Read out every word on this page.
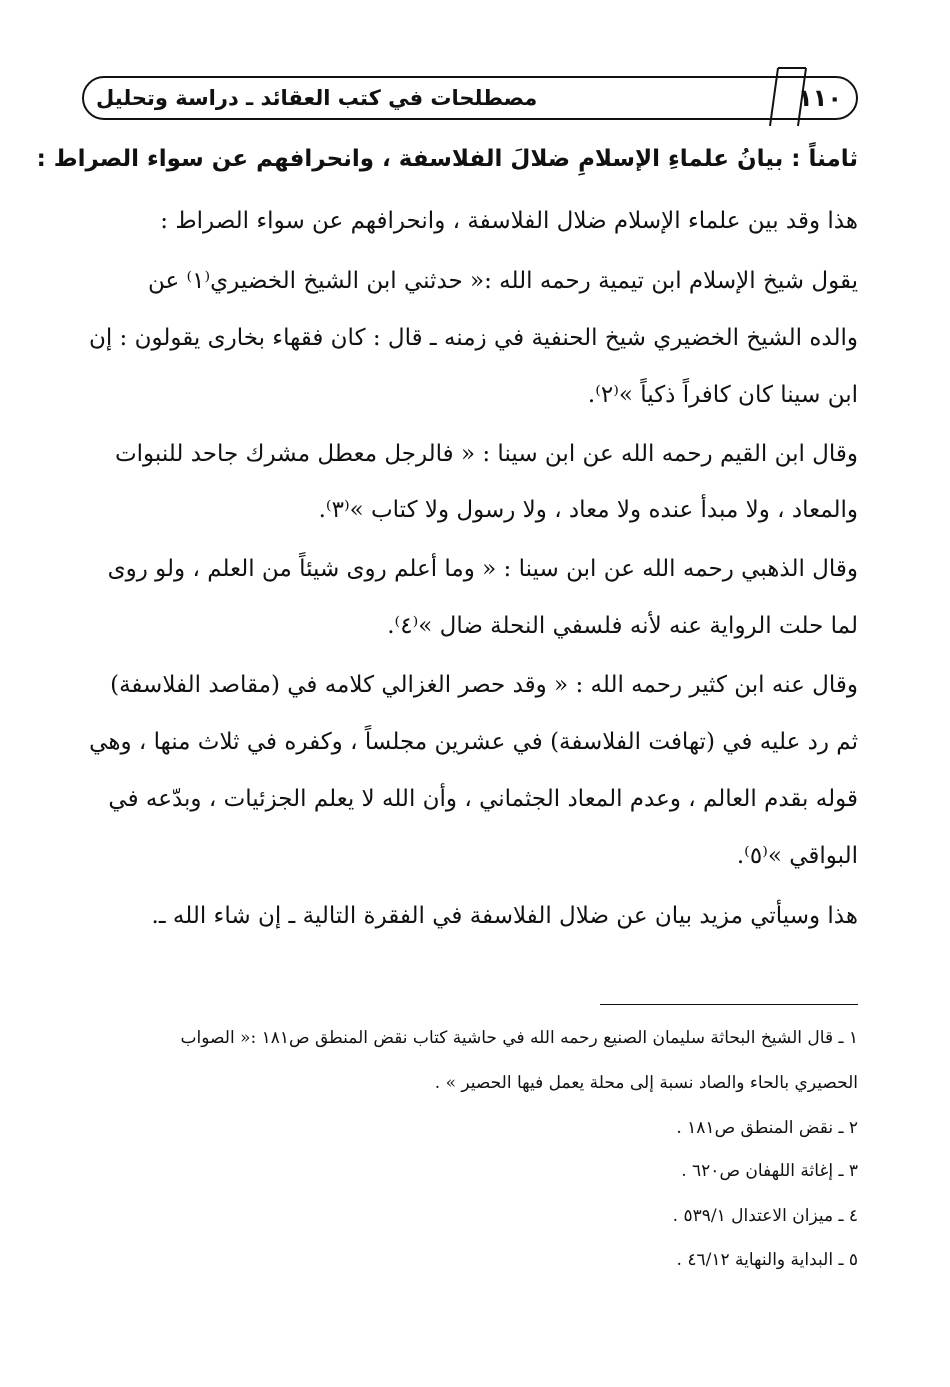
مصطلحات في كتب العقائد ـ دراسة وتحليل	١١٠
ثامناً : بيانُ علماءِ الإسلامِ ضلالَ الفلاسفة ، وانحرافهم عن سواء الصراط :
هذا وقد بين علماء الإسلام ضلال الفلاسفة ، وانحرافهم عن سواء الصراط :
يقول شيخ الإسلام ابن تيمية رحمه الله :« حدثني ابن الشيخ الخضيري⁽١⁾ عن
والده الشيخ الخضيري شيخ الحنفية في زمنه ـ قال : كان فقهاء بخارى يقولون : إن
ابن سينا كان كافراً ذكياً »⁽٢⁾.
وقال ابن القيم رحمه الله عن ابن سينا : « فالرجل معطل مشرك جاحد للنبوات
والمعاد ، ولا مبدأ عنده ولا معاد ، ولا رسول ولا كتاب »⁽٣⁾.
وقال الذهبي رحمه الله عن ابن سينا : « وما أعلم روى شيئاً من العلم ، ولو روى
لما حلت الرواية عنه لأنه فلسفي النحلة ضال »⁽٤⁾.
وقال عنه ابن كثير رحمه الله : « وقد حصر الغزالي كلامه في (مقاصد الفلاسفة)
ثم رد عليه في (تهافت الفلاسفة) في عشرين مجلساً ، وكفره في ثلاث منها ، وهي
قوله بقدم العالم ، وعدم المعاد الجثماني ، وأن الله لا يعلم الجزئيات ، وبدّعه في
البواقي »⁽٥⁾.
هذا وسيأتي مزيد بيان عن ضلال الفلاسفة في الفقرة التالية ـ إن شاء الله ـ.
١ ـ قال الشيخ البحاثة سليمان الصنيع رحمه الله في حاشية كتاب نقض المنطق ص١٨١ :« الصواب
الحصيري بالحاء والصاد نسبة إلى محلة يعمل فيها الحصير » .
٢ ـ نقض المنطق ص١٨١ .
٣ ـ إغاثة اللهفان ص٦٢٠ .
٤ ـ ميزان الاعتدال ٥٣٩/١ .
٥ ـ البداية والنهاية ٤٦/١٢ .
